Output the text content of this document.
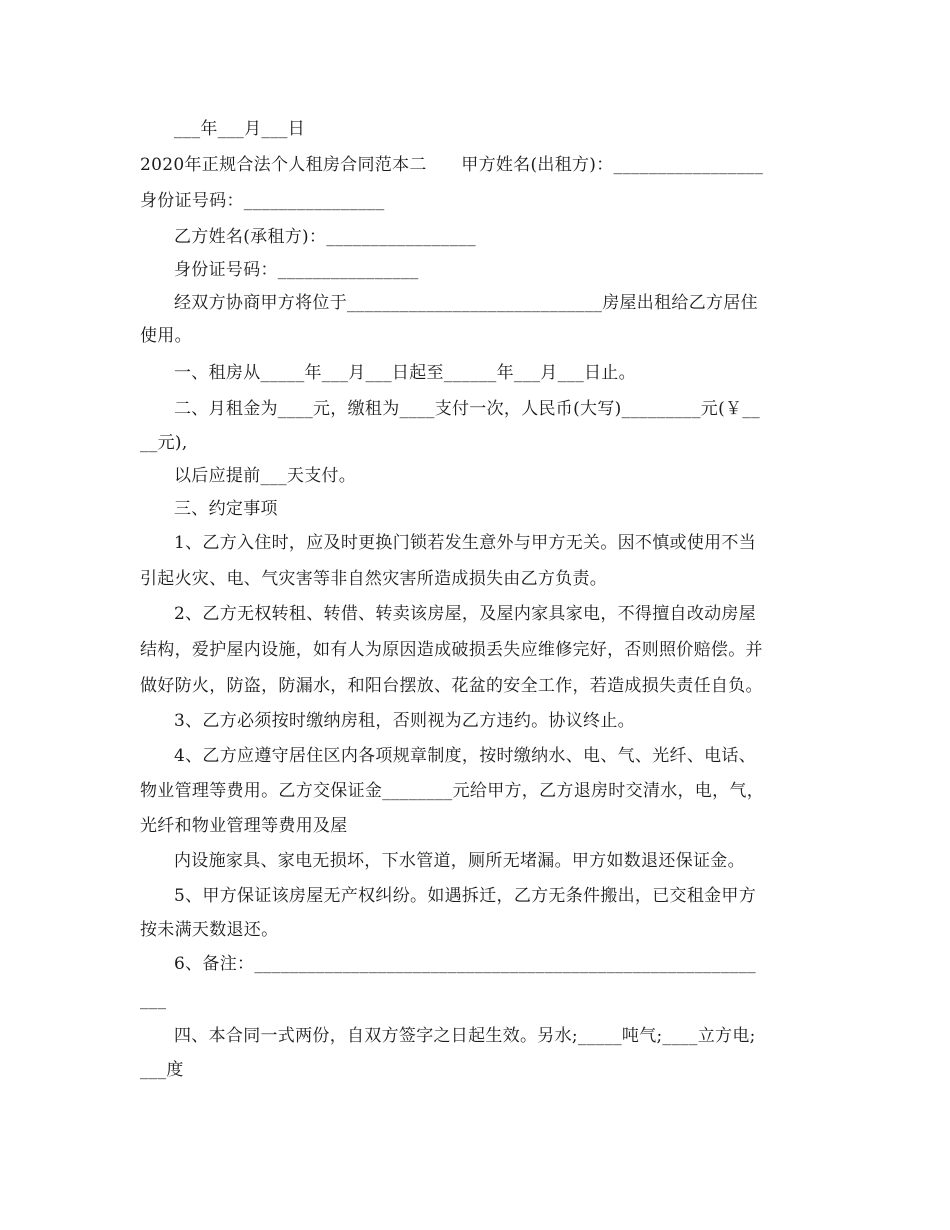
___年___月___日
2020年正规合法个人租房合同范本二　　甲方姓名(出租方)：_________________
身份证号码：________________
乙方姓名(承租方)：_________________
身份证号码：________________
经双方协商甲方将位于_____________________________房屋出租给乙方居住
使用。
一、租房从_____年___月___日起至______年___月___日止。
二、月租金为____元，缴租为____支付一次，人民币(大写)_________元(￥__
__元),
以后应提前___天支付。
三、约定事项
1、乙方入住时，应及时更换门锁若发生意外与甲方无关。因不慎或使用不当
引起火灾、电、气灾害等非自然灾害所造成损失由乙方负责。
2、乙方无权转租、转借、转卖该房屋，及屋内家具家电，不得擅自改动房屋
结构，爱护屋内设施，如有人为原因造成破损丢失应维修完好，否则照价赔偿。并
做好防火，防盗，防漏水，和阳台摆放、花盆的安全工作，若造成损失责任自负。
3、乙方必须按时缴纳房租，否则视为乙方违约。协议终止。
4、乙方应遵守居住区内各项规章制度，按时缴纳水、电、气、光纤、电话、
物业管理等费用。乙方交保证金________元给甲方，乙方退房时交清水，电，气，
光纤和物业管理等费用及屋
内设施家具、家电无损坏，下水管道，厕所无堵漏。甲方如数退还保证金。
5、甲方保证该房屋无产权纠纷。如遇拆迁，乙方无条件搬出，已交租金甲方
按未满天数退还。
6、备注：_________________________________________________________
___
四、本合同一式两份，自双方签字之日起生效。另水;_____吨气;____立方电;
___度
